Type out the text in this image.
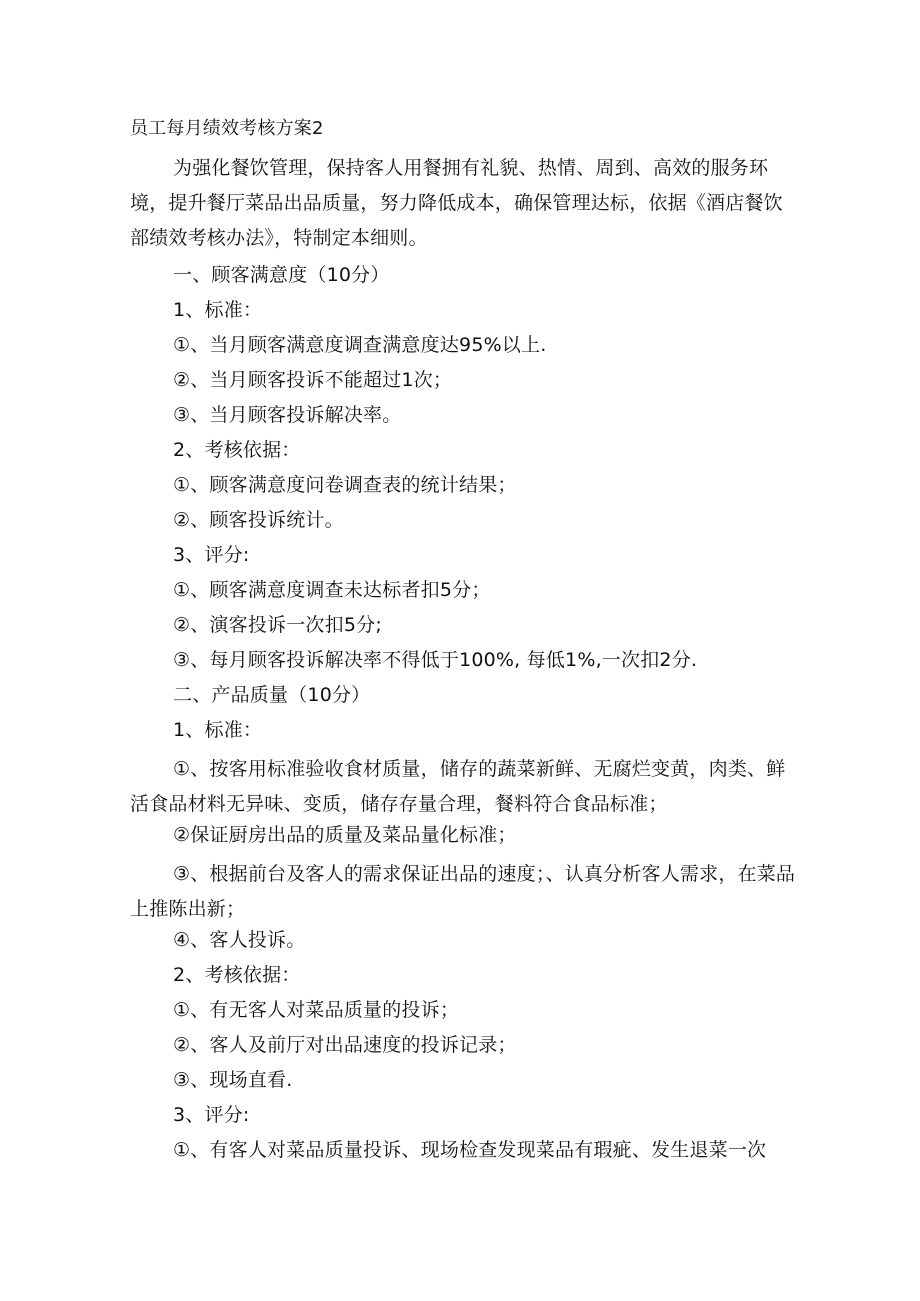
员工每月绩效考核方案2
为强化餐饮管理，保持客人用餐拥有礼貌、热情、周到、高效的服务环境，提升餐厅菜品出品质量，努力降低成本，确保管理达标，依据《酒店餐饮部绩效考核办法》，特制定本细则。
一、顾客满意度（10分）
1、标准：
①、当月顾客满意度调查满意度达95%以上.
②、当月顾客投诉不能超过1次；
③、当月顾客投诉解决率。
2、考核依据：
①、顾客满意度问卷调查表的统计结果；
②、顾客投诉统计。
3、评分:
①、顾客满意度调查未达标者扣5分；
②、演客投诉一次扣5分;
③、每月顾客投诉解决率不得低于100%, 每低1%,一次扣2分.
二、产品质量（10分）
1、标准：
①、按客用标准验收食材质量，储存的蔬菜新鲜、无腐烂变黄，肉类、鲜活食品材料无异味、变质，储存存量合理，餐料符合食品标准；
②保证厨房出品的质量及菜品量化标准；
③、根据前台及客人的需求保证出品的速度；、认真分析客人需求，在菜品上推陈出新；
④、客人投诉。
2、考核依据：
①、有无客人对菜品质量的投诉；
②、客人及前厅对出品速度的投诉记录；
③、现场直看.
3、评分:
①、有客人对菜品质量投诉、现场检查发现菜品有瑕疵、发生退菜一次
